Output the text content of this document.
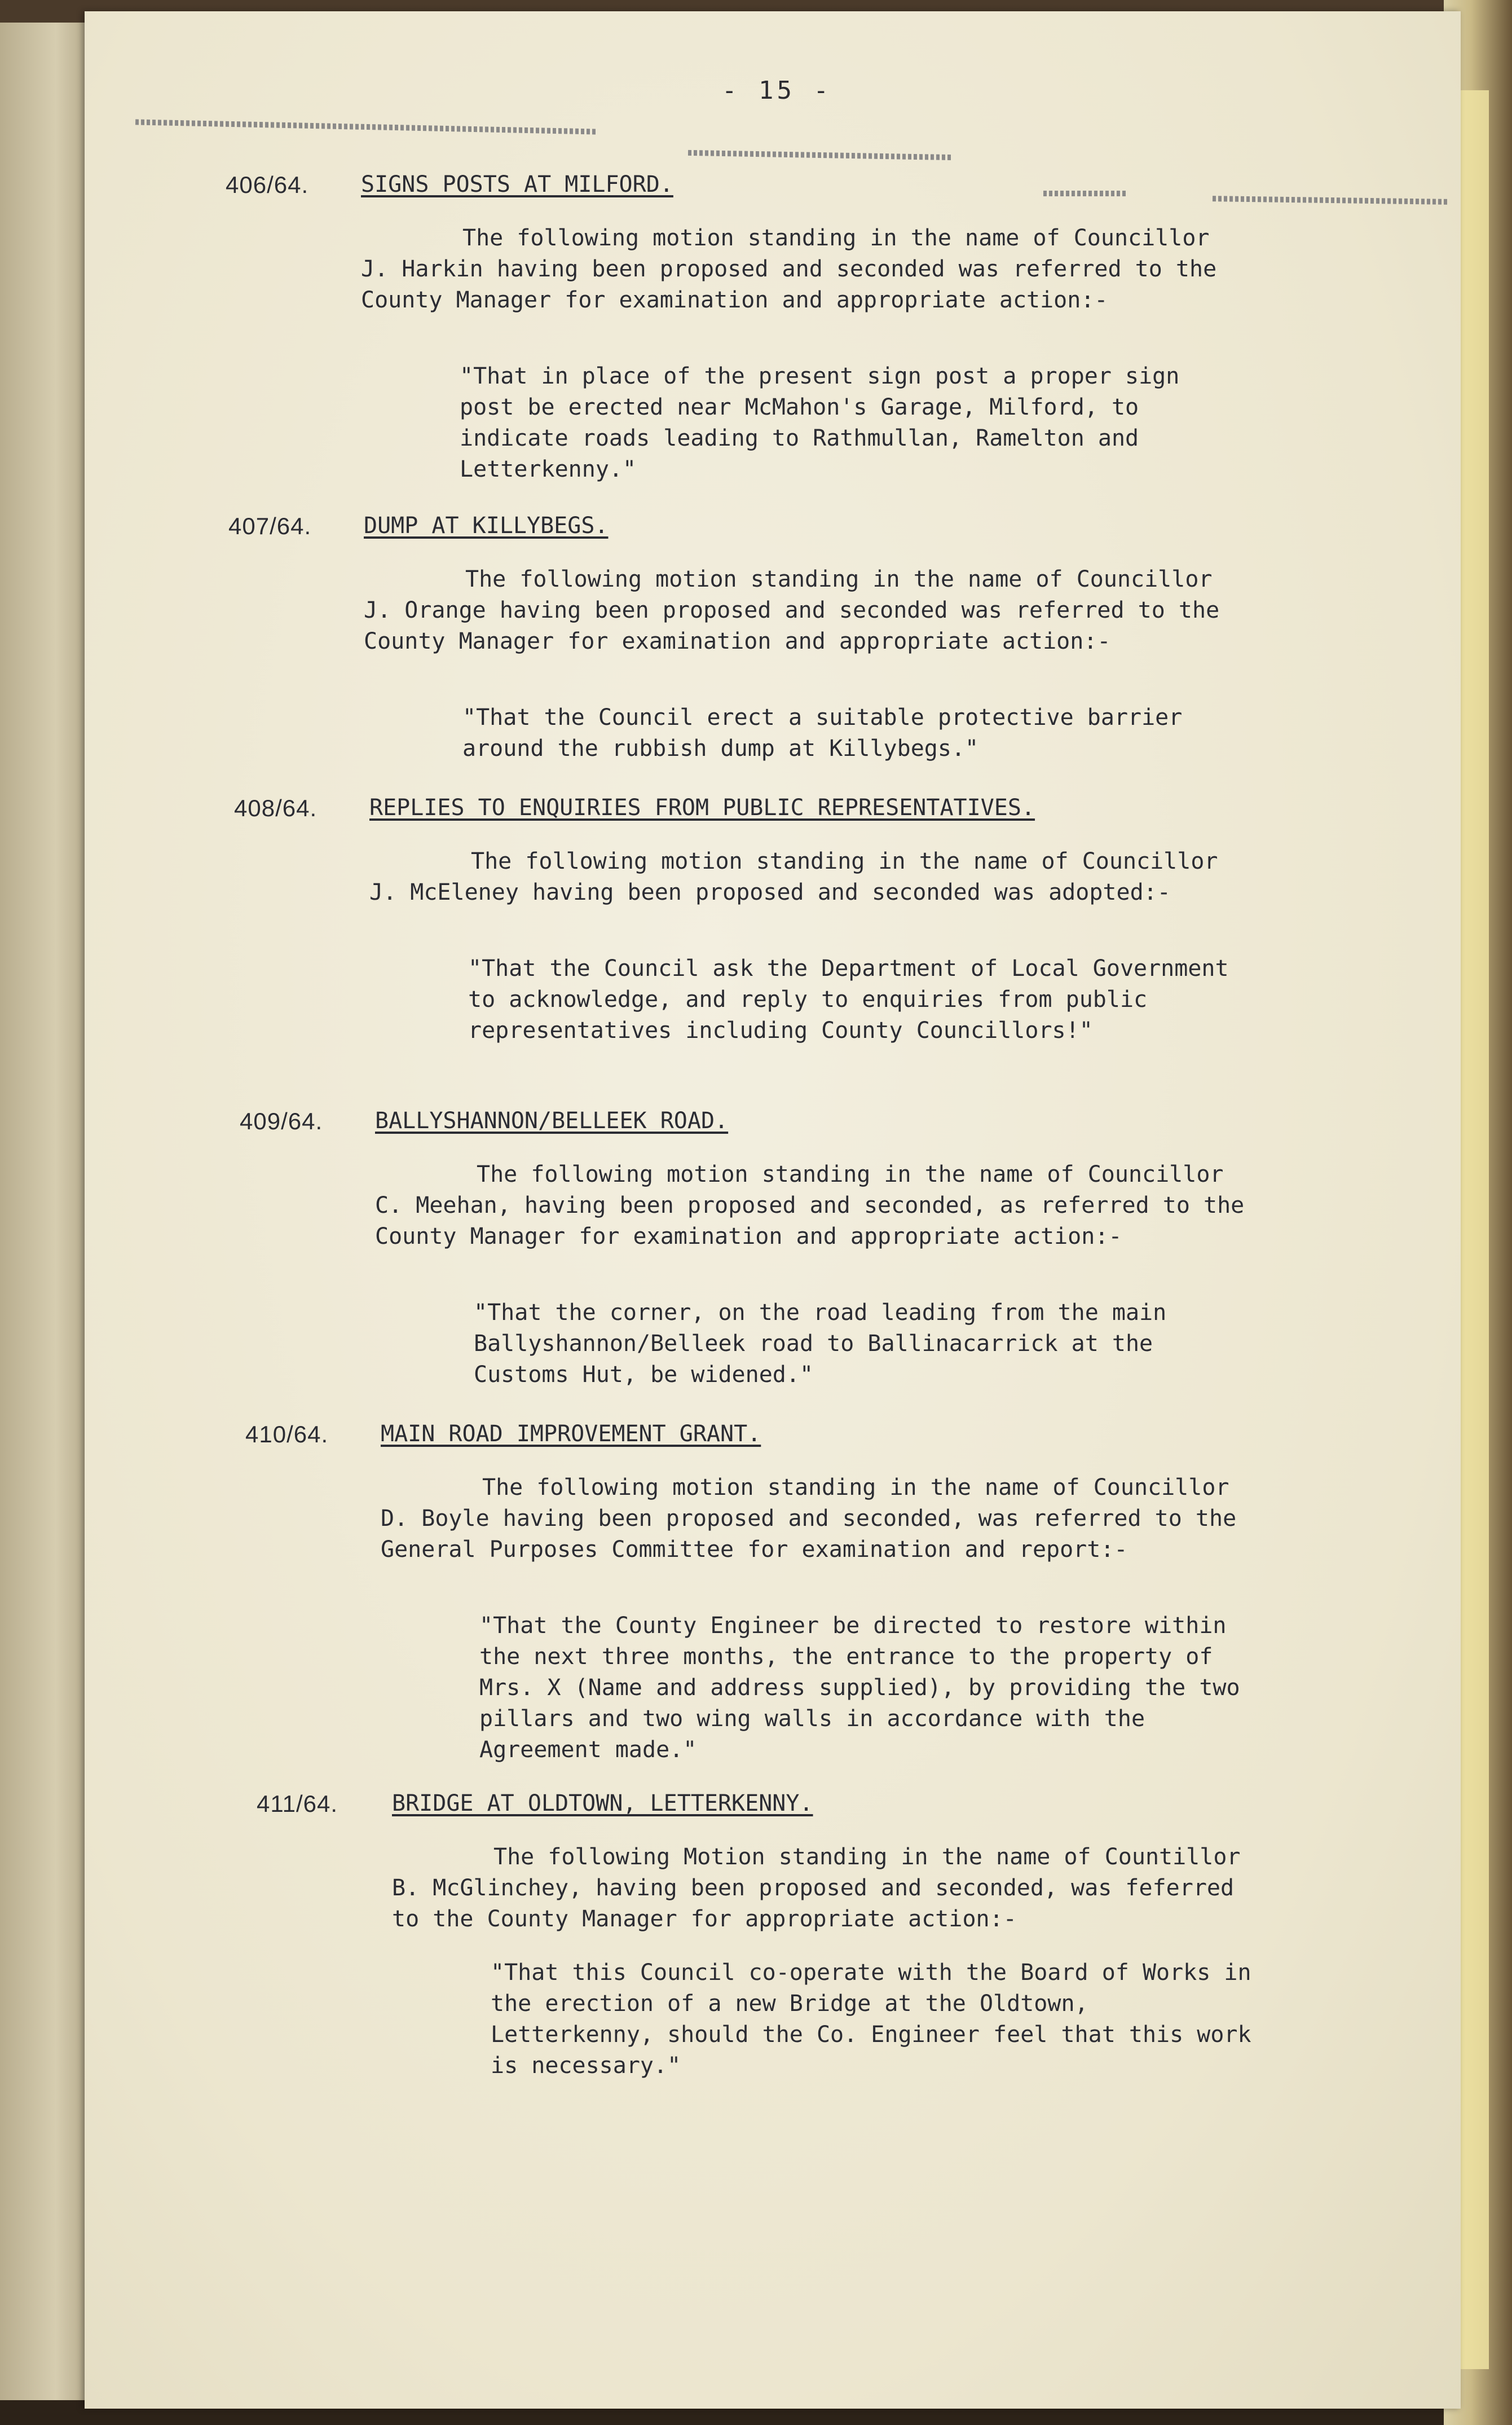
- 15 -
406/64. SIGNS POSTS AT MILFORD.
The following motion standing in the name of Councillor J. Harkin having been proposed and seconded was referred to the County Manager for examination and appropriate action:-
"That in place of the present sign post a proper sign post be erected near McMahon's Garage, Milford, to indicate roads leading to Rathmullan, Ramelton and Letterkenny."
407/64. DUMP AT KILLYBEGS.
The following motion standing in the name of Councillor J. Orange having been proposed and seconded was referred to the County Manager for examination and appropriate action:-
"That the Council erect a suitable protective barrier around the rubbish dump at Killybegs."
408/64. REPLIES TO ENQUIRIES FROM PUBLIC REPRESENTATIVES.
The following motion standing in the name of Councillor J. McEleney having been proposed and seconded was adopted:-
"That the Council ask the Department of Local Government to acknowledge, and reply to enquiries from public representatives including County Councillors!"
409/64. BALLYSHANNON/BELLEEK ROAD.
The following motion standing in the name of Councillor C. Meehan, having been proposed and seconded, as referred to the County Manager for examination and appropriate action:-
"That the corner, on the road leading from the main Ballyshannon/Belleek road to Ballinacarrick at the Customs Hut, be widened."
410/64. MAIN ROAD IMPROVEMENT GRANT.
The following motion standing in the name of Councillor D. Boyle having been proposed and seconded, was referred to the General Purposes Committee for examination and report:-
"That the County Engineer be directed to restore within the next three months, the entrance to the property of Mrs. X (Name and address supplied), by providing the two pillars and two wing walls in accordance with the Agreement made."
411/64. BRIDGE AT OLDTOWN, LETTERKENNY.
The following Motion standing in the name of Countillor B. McGlinchey, having been proposed and seconded, was feferred to the County Manager for appropriate action:-
"That this Council co-operate with the Board of Works in the erection of a new Bridge at the Oldtown, Letterkenny, should the Co. Engineer feel that this work is necessary."
